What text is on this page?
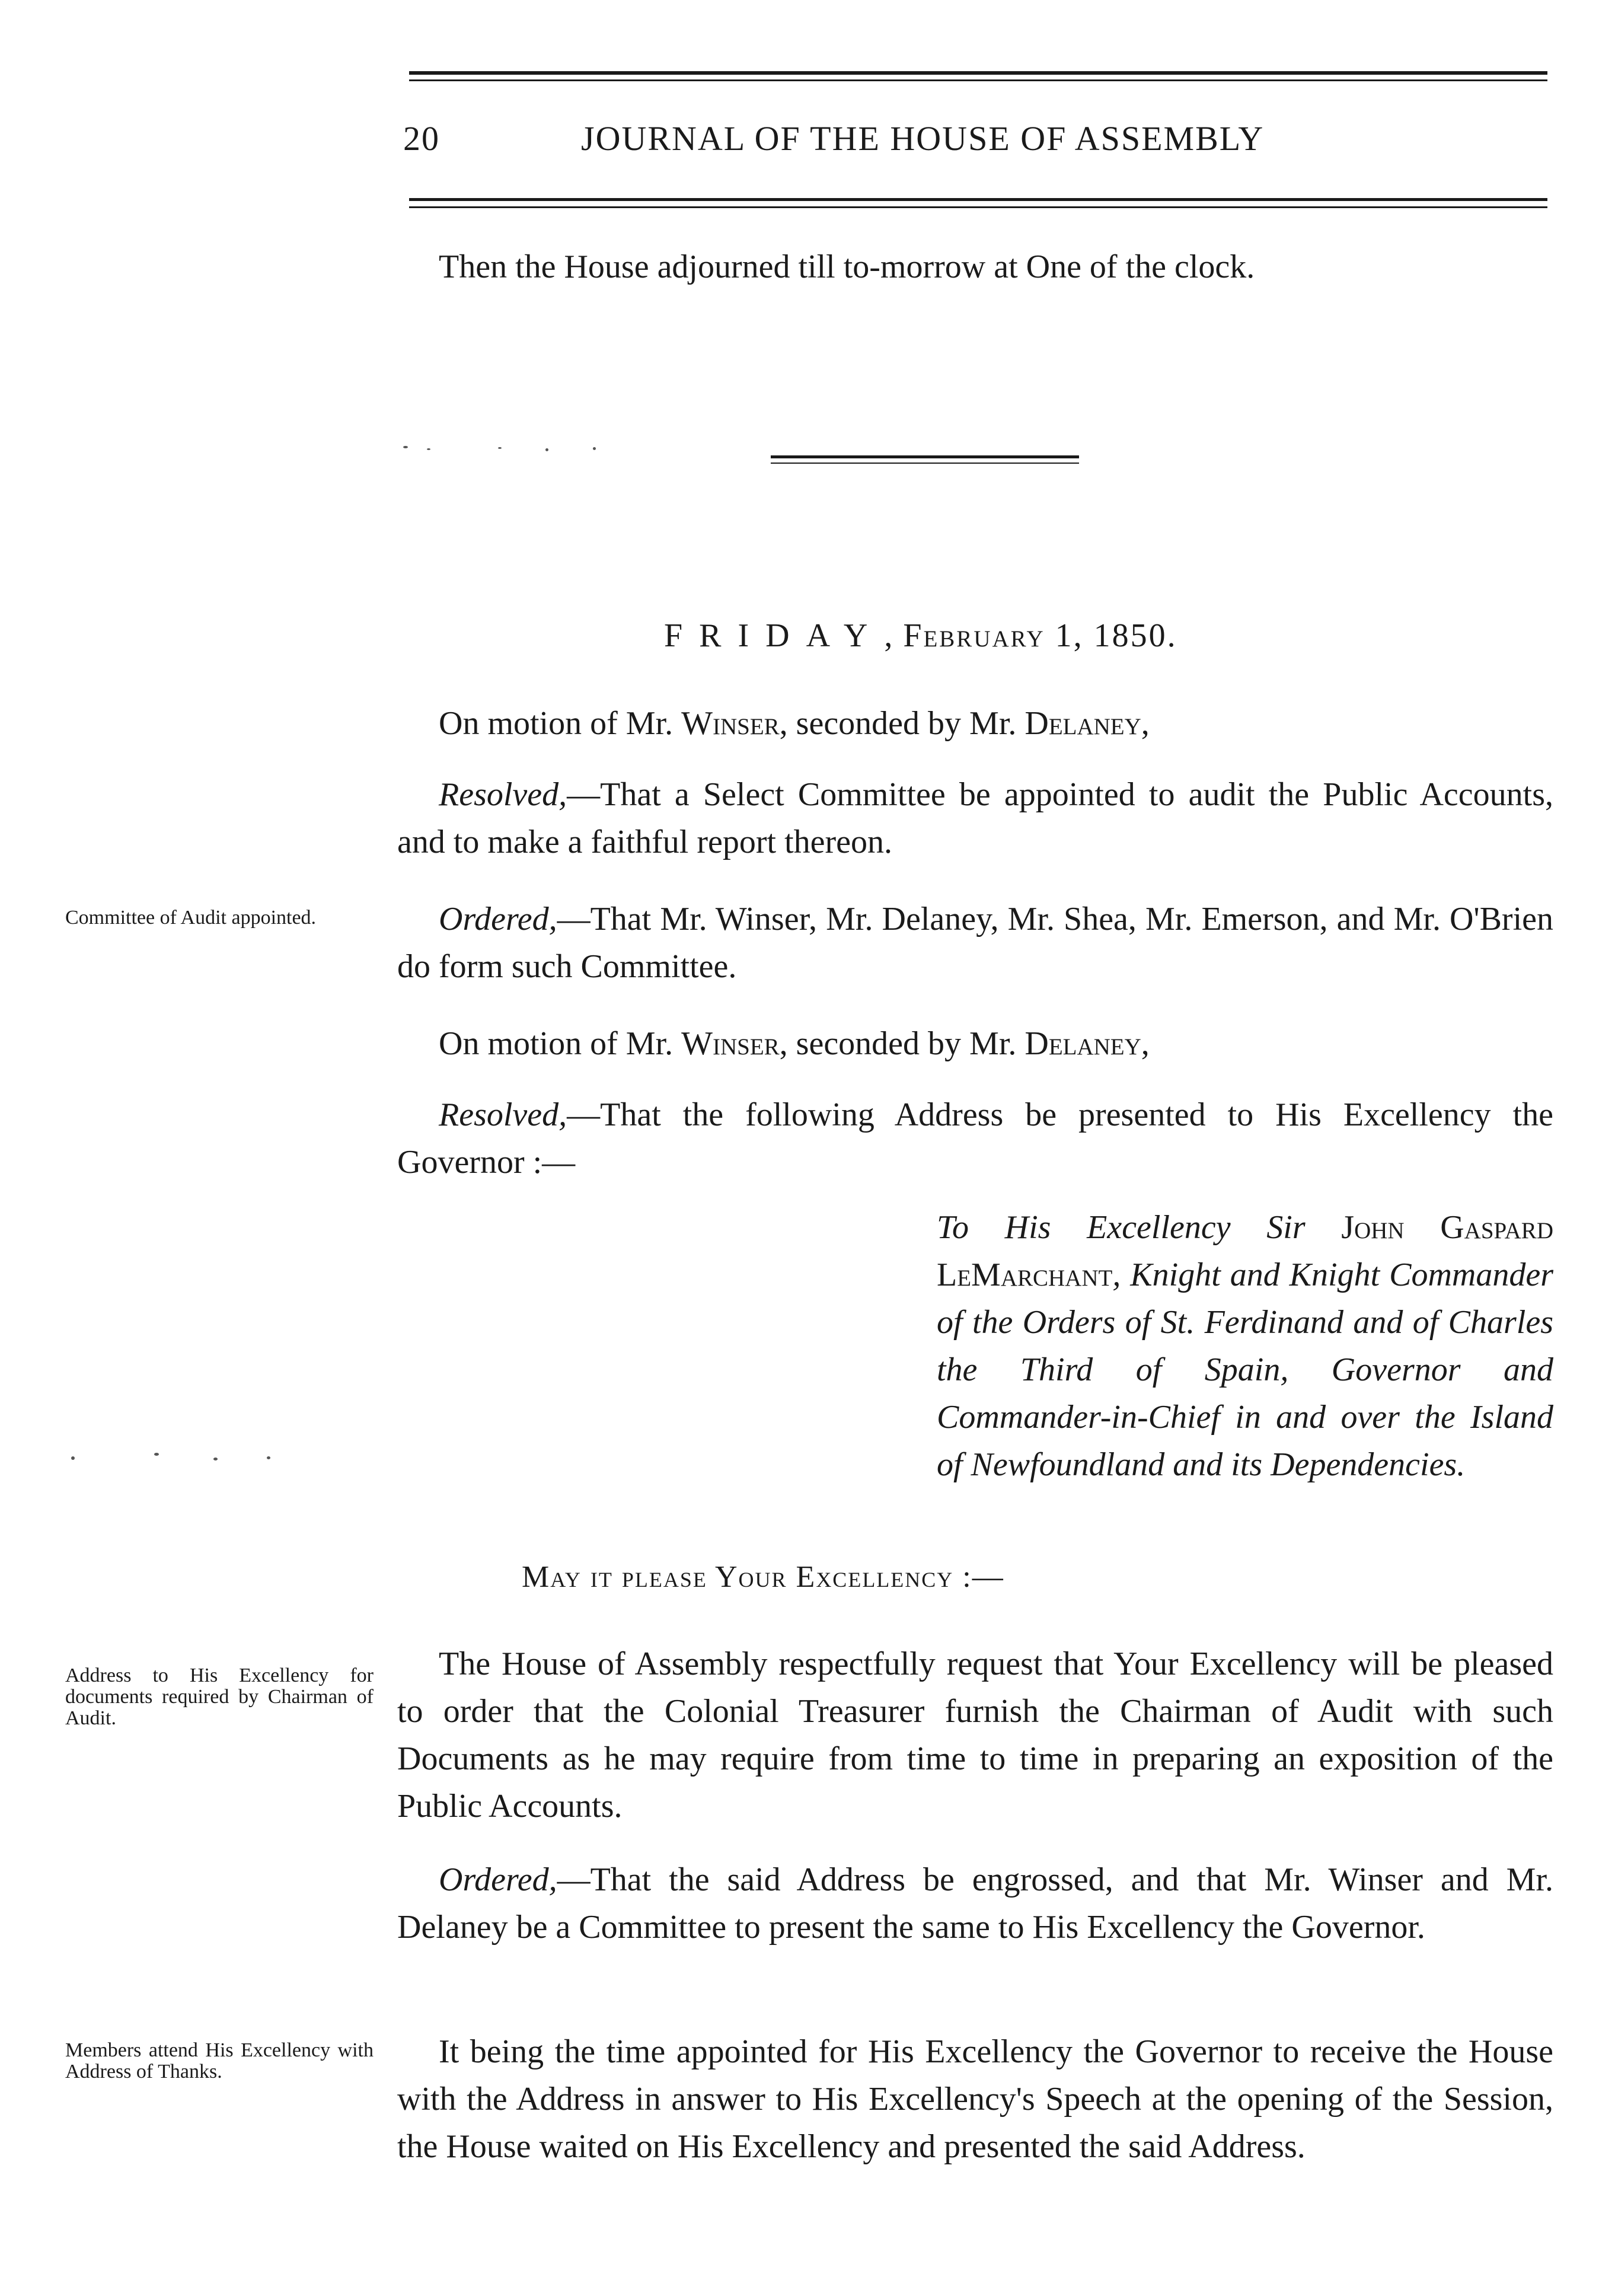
20	JOURNAL OF THE HOUSE OF ASSEMBLY
Then the House adjourned till to-morrow at One of the clock.
FRIDAY, February 1, 1850.
On motion of Mr. Winser, seconded by Mr. Delaney,
Resolved,—That a Select Committee be appointed to audit the Public Accounts, and to make a faithful report thereon.
Committee of Audit appointed.	Ordered,—That Mr. Winser, Mr. Delaney, Mr. Shea, Mr. Emerson, and Mr. O'Brien do form such Committee.
On motion of Mr. Winser, seconded by Mr. Delaney,
Resolved,—That the following Address be presented to His Excellency the Governor :—
To His Excellency Sir John Gaspard LeMarchant, Knight and Knight Commander of the Orders of St. Ferdinand and of Charles the Third of Spain, Governor and Commander-in-Chief in and over the Island of Newfoundland and its Dependencies.
May it please Your Excellency :—
Address to His Excellency for documents required by Chairman of Audit.
The House of Assembly respectfully request that Your Excellency will be pleased to order that the Colonial Treasurer furnish the Chairman of Audit with such Documents as he may require from time to time in preparing an exposition of the Public Accounts.
Ordered,—That the said Address be engrossed, and that Mr. Winser and Mr. Delaney be a Committee to present the same to His Excellency the Governor.
Members attend His Excellency with Address of Thanks.
It being the time appointed for His Excellency the Governor to receive the House with the Address in answer to His Excellency's Speech at the opening of the Session, the House waited on His Excellency and presented the said Address.
